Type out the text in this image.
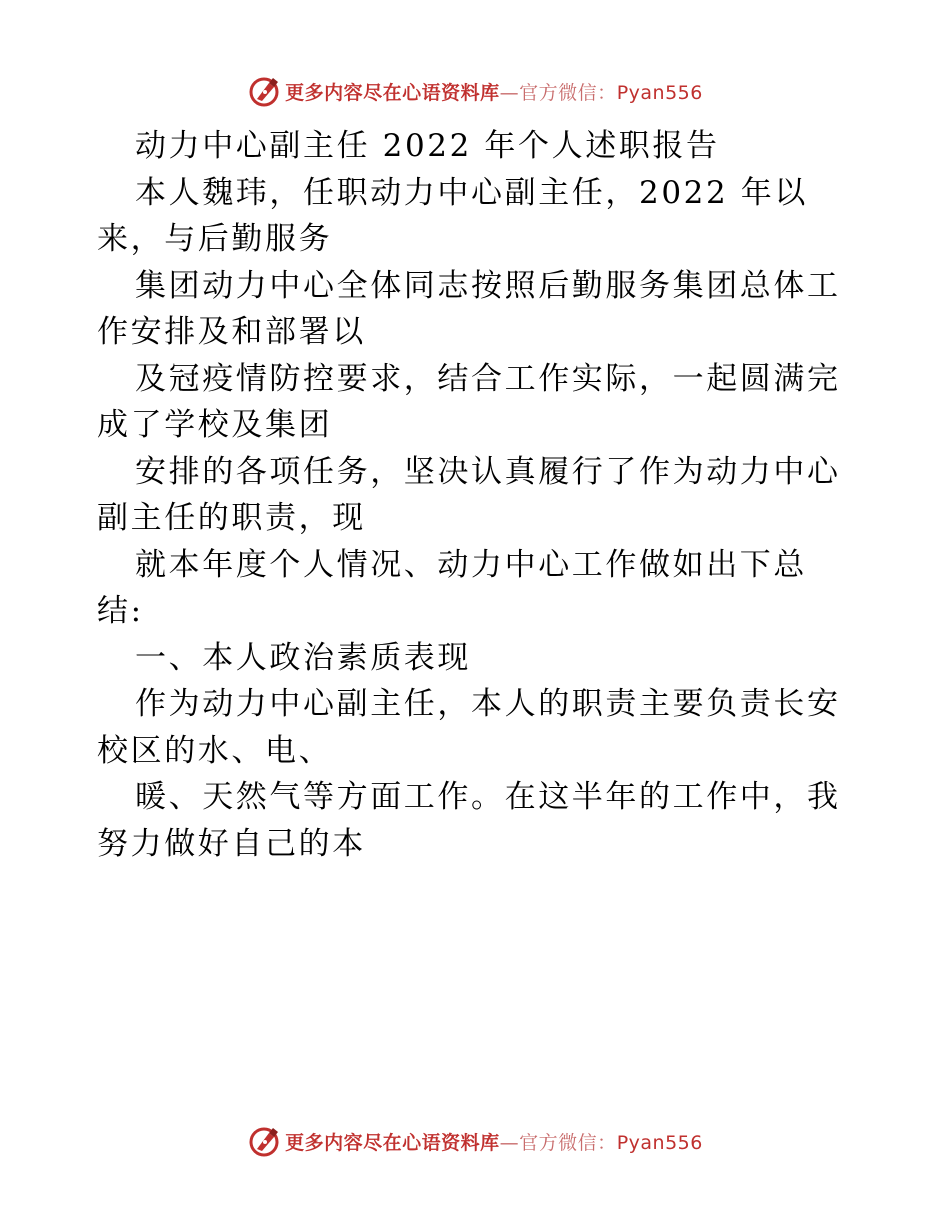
更多内容尽在心语资料库—官方微信：Pyan556
动力中心副主任 2022 年个人述职报告
本人魏玮，任职动力中心副主任，2022 年以
来，与后勤服务
集团动力中心全体同志按照后勤服务集团总体工
作安排及和部署以
及冠疫情防控要求，结合工作实际，一起圆满完
成了学校及集团
安排的各项任务，坚决认真履行了作为动力中心
副主任的职责，现
就本年度个人情况、动力中心工作做如出下总
结:
一、本人政治素质表现
作为动力中心副主任，本人的职责主要负责长安
校区的水、电、
暖、天然气等方面工作。在这半年的工作中，我
努力做好自己的本
更多内容尽在心语资料库—官方微信：Pyan556
